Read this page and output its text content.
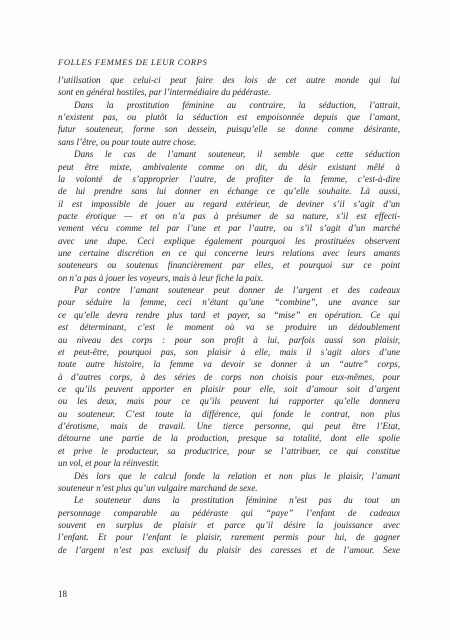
FOLLES FEMMES DE LEUR CORPS
l’utilisation que celui-ci peut faire des lois de cet autre monde qui lui
sont en général hostiles, par l’intermédiaire du pédéraste.
Dans la prostitution féminine au contraire, la séduction, l’attrait,
n’existent pas, ou plutôt la séduction est empoisonnée depuis que l’amant,
futur souteneur, forme son dessein, puisqu’elle se donne comme désirante,
sans l’être, ou pour toute autre chose.
Dans le cas de l’amant souteneur, il semble que cette séduction
peut être mixte, ambivalente comme on dit, du désir existant mêlé à
la volonté de s’approprier l’autre, de profiter de la femme, c’est-à-dire
de lui prendre sans lui donner en échange ce qu’elle souhaite. Là aussi,
il est impossible de jouer au regard extérieur, de deviner s’il s’agit d’un
pacte érotique — et on n’a pas à présumer de sa nature, s’il est effecti-
vement vécu comme tel par l’une et par l’autre, ou s’il s’agit d’un marché
avec une dupe. Ceci explique également pourquoi les prostituées observent
une certaine discrétion en ce qui concerne leurs relations avec leurs amants
souteneurs ou soutenus financièrement par elles, et pourquoi sur ce point
on n’a pas à jouer les voyeurs, mais à leur fiche la paix.
Par contre l’amant souteneur peut donner de l’argent et des cadeaux
pour séduire la femme, ceci n’étant qu’une “combine”, une avance sur
ce qu’elle devra rendre plus tard et payer, sa “mise” en opération. Ce qui
est déterminant, c’est le moment où va se produire un dédoublement
au niveau des corps : pour son profit à lui, parfois aussi son plaisir,
et peut-être, pourquoi pas, son plaisir à elle, mais il s’agit alors d’une
toute autre histoire, la femme va devoir se donner à un “autre” corps,
à d’autres corps, à des séries de corps non choisis pour eux-mêmes, pour
ce qu’ils peuvent apporter en plaisir pour elle, soit d’amour soit d’argent
ou les deux, mais pour ce qu’ils peuvent lui rapporter qu’elle donnera
au souteneur. C’est toute la différence, qui fonde le contrat, non plus
d’érotisme, mais de travail. Une tierce personne, qui peut être l’Etat,
détourne une partie de la production, presque sa totalité, dont elle spolie
et prive le producteur, sa productrice, pour se l’attribuer, ce qui constitue
un vol, et pour la réinvestir.
Dès lors que le calcul fonde la relation et non plus le plaisir, l’amant
souteneur n’est plus qu’un vulgaire marchand de sexe.
Le souteneur dans la prostitution féminine n’est pas du tout un
personnage comparable au pédéraste qui “paye” l’enfant de cadeaux
souvent en surplus de plaisir et parce qu’il désire la jouissance avec
l’enfant. Et pour l’enfant le plaisir, rarement permis pour lui, de gagner
de l’argent n’est pas exclusif du plaisir des caresses et de l’amour. Sexe
18
